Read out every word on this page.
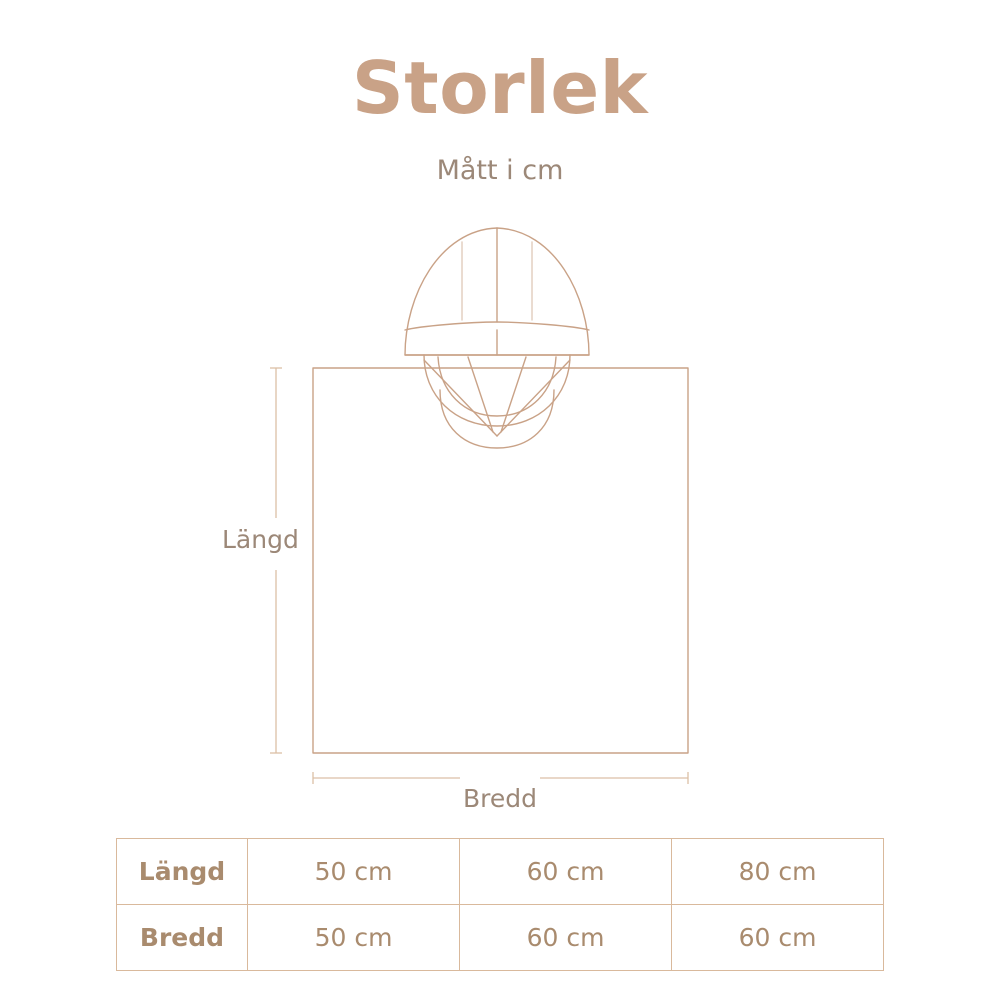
Storlek
Mått i cm
Längd
Bredd
Längd	50 cm	60 cm	80 cm
Bredd	50 cm	60 cm	60 cm
